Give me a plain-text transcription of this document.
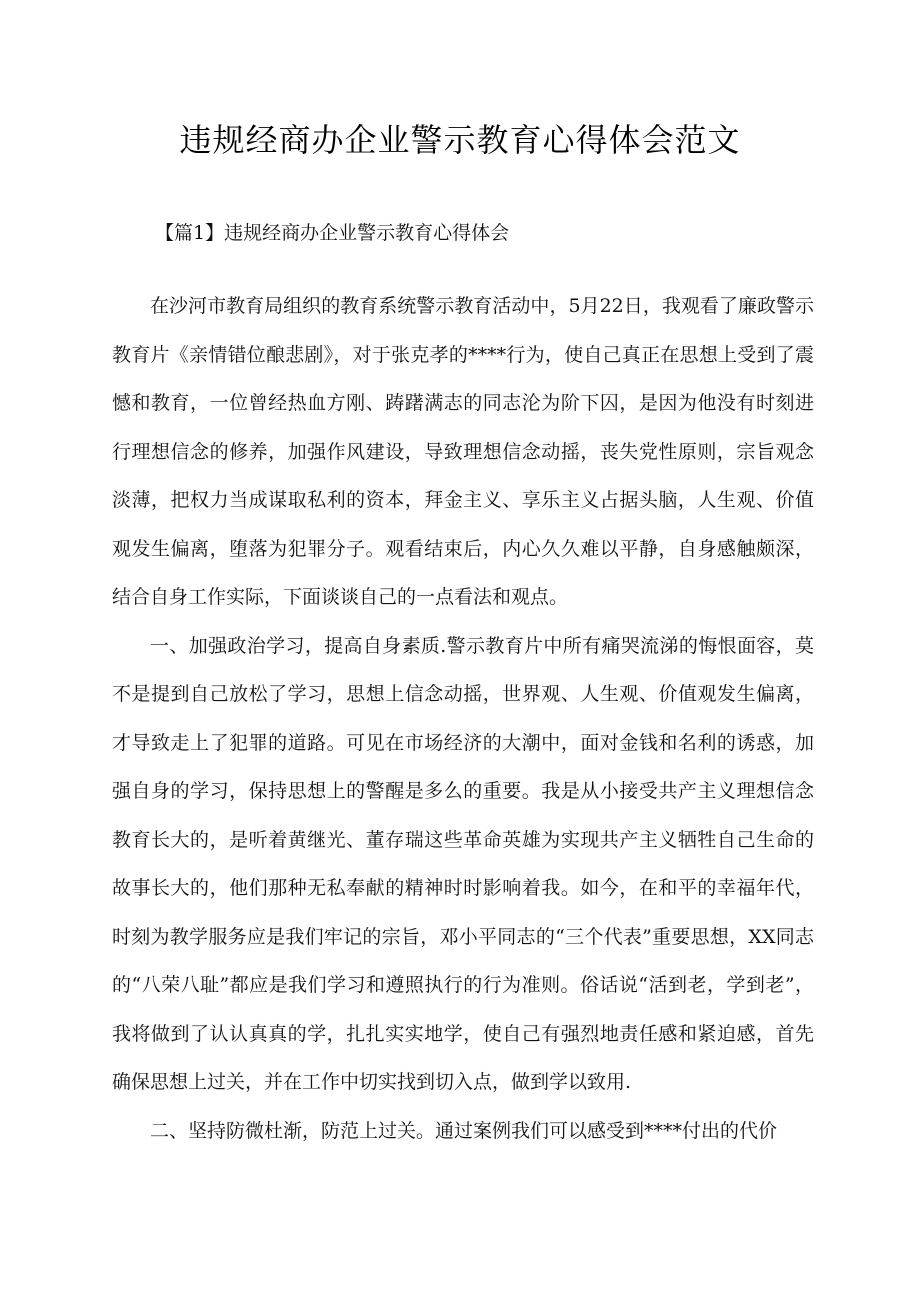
违规经商办企业警示教育心得体会范文

【篇1】违规经商办企业警示教育心得体会

在沙河市教育局组织的教育系统警示教育活动中，5月22日，我观看了廉政警示教育片《亲情错位酿悲剧》，对于张克孝的****行为，使自己真正在思想上受到了震憾和教育，一位曾经热血方刚、踌躇满志的同志沦为阶下囚，是因为他没有时刻进行理想信念的修养，加强作风建设，导致理想信念动摇，丧失党性原则，宗旨观念淡薄，把权力当成谋取私利的资本，拜金主义、享乐主义占据头脑，人生观、价值观发生偏离，堕落为犯罪分子。观看结束后，内心久久难以平静，自身感触颇深，结合自身工作实际，下面谈谈自己的一点看法和观点。

一、加强政治学习，提高自身素质.警示教育片中所有痛哭流涕的悔恨面容，莫不是提到自己放松了学习，思想上信念动摇，世界观、人生观、价值观发生偏离，才导致走上了犯罪的道路。可见在市场经济的大潮中，面对金钱和名利的诱惑，加强自身的学习，保持思想上的警醒是多么的重要。我是从小接受共产主义理想信念教育长大的，是听着黄继光、董存瑞这些革命英雄为实现共产主义牺牲自己生命的故事长大的，他们那种无私奉献的精神时时影响着我。如今，在和平的幸福年代，时刻为教学服务应是我们牢记的宗旨，邓小平同志的“三个代表”重要思想，XX同志的“八荣八耻”都应是我们学习和遵照执行的行为准则。俗话说“活到老，学到老”，我将做到了认认真真的学，扎扎实实地学，使自己有强烈地责任感和紧迫感，首先确保思想上过关，并在工作中切实找到切入点，做到学以致用.

二、坚持防微杜渐，防范上过关。通过案例我们可以感受到****付出的代价
